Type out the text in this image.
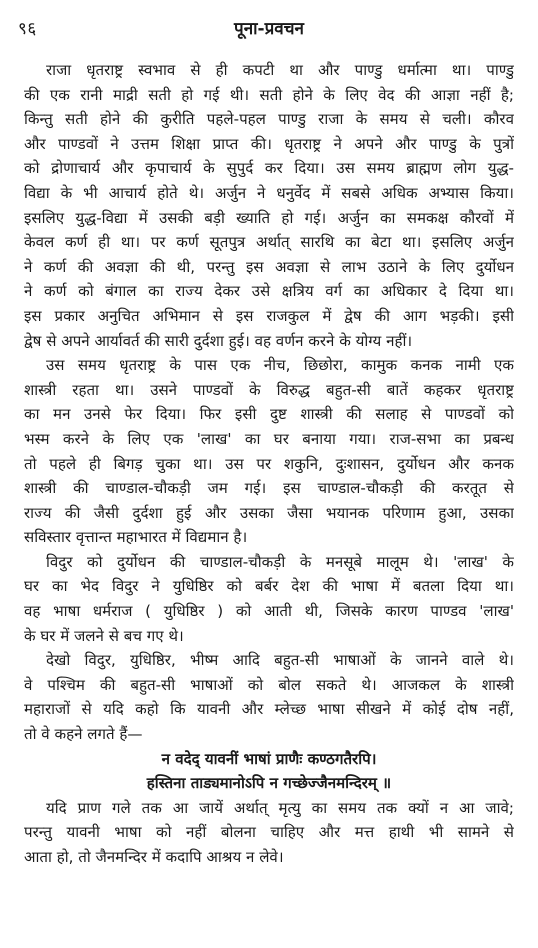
९६	पूना-प्रवचन
राजा धृतराष्ट्र स्वभाव से ही कपटी था और पाण्डु धर्मात्मा था। पाण्डु
की एक रानी माद्री सती हो गई थी। सती होने के लिए वेद की आज्ञा नहीं है;
किन्तु सती होने की कुरीति पहले-पहल पाण्डु राजा के समय से चली। कौरव
और पाण्डवों ने उत्तम शिक्षा प्राप्त की। धृतराष्ट्र ने अपने और पाण्डु के पुत्रों
को द्रोणाचार्य और कृपाचार्य के सुपुर्द कर दिया। उस समय ब्राह्मण लोग युद्ध-
विद्या के भी आचार्य होते थे। अर्जुन ने धनुर्वेद में सबसे अधिक अभ्यास किया।
इसलिए युद्ध-विद्या में उसकी बड़ी ख्याति हो गई। अर्जुन का समकक्ष कौरवों में
केवल कर्ण ही था। पर कर्ण सूतपुत्र अर्थात् सारथि का बेटा था। इसलिए अर्जुन
ने कर्ण की अवज्ञा की थी, परन्तु इस अवज्ञा से लाभ उठाने के लिए दुर्योधन
ने कर्ण को बंगाल का राज्य देकर उसे क्षत्रिय वर्ग का अधिकार दे दिया था।
इस प्रकार अनुचित अभिमान से इस राजकुल में द्वेष की आग भड़की। इसी
द्वेष से अपने आर्यावर्त की सारी दुर्दशा हुई। वह वर्णन करने के योग्य नहीं।
उस समय धृतराष्ट्र के पास एक नीच, छिछोरा, कामुक कनक नामी एक
शास्त्री रहता था। उसने पाण्डवों के विरुद्ध बहुत-सी बातें कहकर धृतराष्ट्र
का मन उनसे फेर दिया। फिर इसी दुष्ट शास्त्री की सलाह से पाण्डवों को
भस्म करने के लिए एक 'लाख' का घर बनाया गया। राज-सभा का प्रबन्ध
तो पहले ही बिगड़ चुका था। उस पर शकुनि, दुःशासन, दुर्योधन और कनक
शास्त्री की चाण्डाल-चौकड़ी जम गई। इस चाण्डाल-चौकड़ी की करतूत से
राज्य की जैसी दुर्दशा हुई और उसका जैसा भयानक परिणाम हुआ, उसका
सविस्तार वृत्तान्त महाभारत में विद्यमान है।
विदुर को दुर्योधन की चाण्डाल-चौकड़ी के मनसूबे मालूम थे। 'लाख' के
घर का भेद विदुर ने युधिष्ठिर को बर्बर देश की भाषा में बतला दिया था।
वह भाषा धर्मराज ( युधिष्ठिर ) को आती थी, जिसके कारण पाण्डव 'लाख'
के घर में जलने से बच गए थे।
देखो विदुर, युधिष्ठिर, भीष्म आदि बहुत-सी भाषाओं के जानने वाले थे।
वे पश्चिम की बहुत-सी भाषाओं को बोल सकते थे। आजकल के शास्त्री
महाराजों से यदि कहो कि यावनी और म्लेच्छ भाषा सीखने में कोई दोष नहीं,
तो वे कहने लगते हैं—
न वदेद् यावनीं भाषां प्राणैः कण्ठगतैरपि।
हस्तिना ताड्यमानोऽपि न गच्छेज्जैनमन्दिरम् ॥
यदि प्राण गले तक आ जायें अर्थात् मृत्यु का समय तक क्यों न आ जावे;
परन्तु यावनी भाषा को नहीं बोलना चाहिए और मत्त हाथी भी सामने से
आता हो, तो जैनमन्दिर में कदापि आश्रय न लेवे।
